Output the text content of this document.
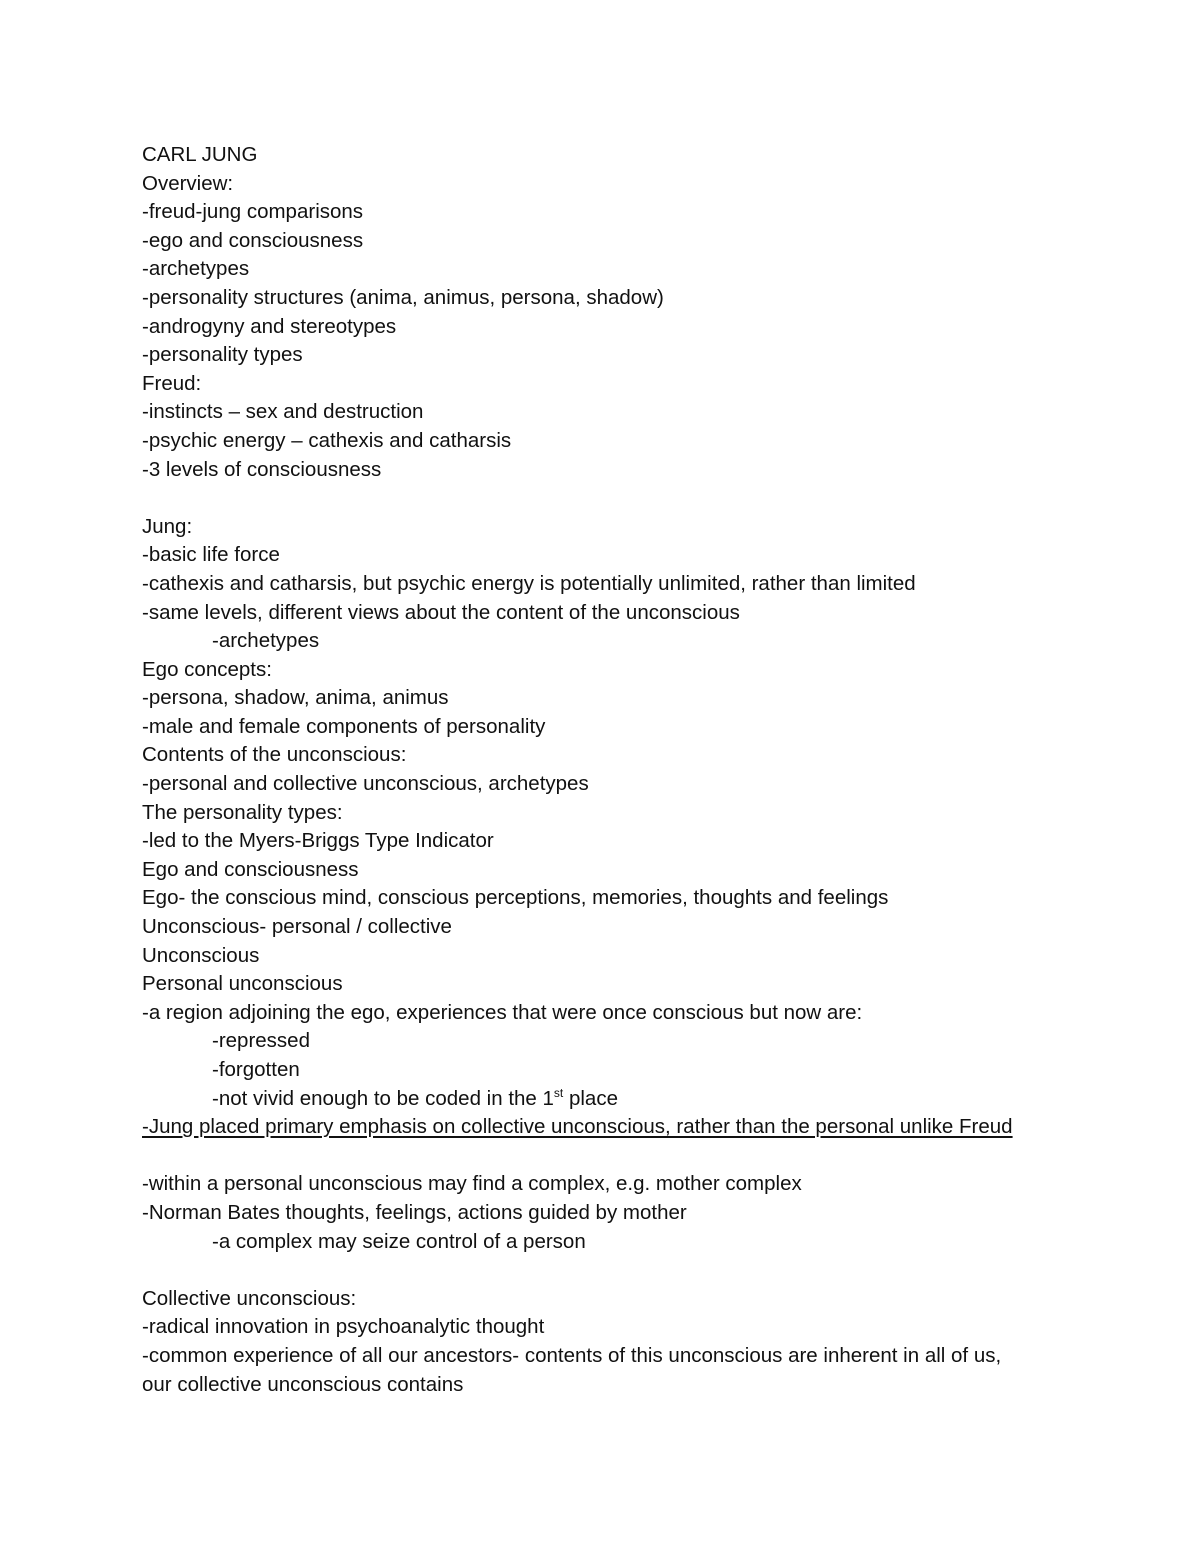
CARL JUNG
Overview:
-freud-jung comparisons
-ego and consciousness
-archetypes
-personality structures (anima, animus, persona, shadow)
-androgyny and stereotypes
-personality types
Freud:
-instincts – sex and destruction
-psychic energy – cathexis and catharsis
-3 levels of consciousness
Jung:
-basic life force
-cathexis and catharsis, but psychic energy is potentially unlimited, rather than limited
-same levels, different views about the content of the unconscious
-archetypes
Ego concepts:
-persona, shadow, anima, animus
-male and female components of personality
Contents of the unconscious:
-personal and collective unconscious, archetypes
The personality types:
-led to the Myers-Briggs Type Indicator
Ego and consciousness
Ego- the conscious mind, conscious perceptions, memories, thoughts and feelings
Unconscious- personal / collective
Unconscious
Personal unconscious
-a region adjoining the ego, experiences that were once conscious but now are:
-repressed
-forgotten
-not vivid enough to be coded in the 1st place
-Jung placed primary emphasis on collective unconscious, rather than the personal unlike Freud
-within a personal unconscious may find a complex, e.g. mother complex
-Norman Bates thoughts, feelings, actions guided by mother
-a complex may seize control of a person
Collective unconscious:
-radical innovation in psychoanalytic thought
-common experience of all our ancestors- contents of this unconscious are inherent in all of us,
our collective unconscious contains
